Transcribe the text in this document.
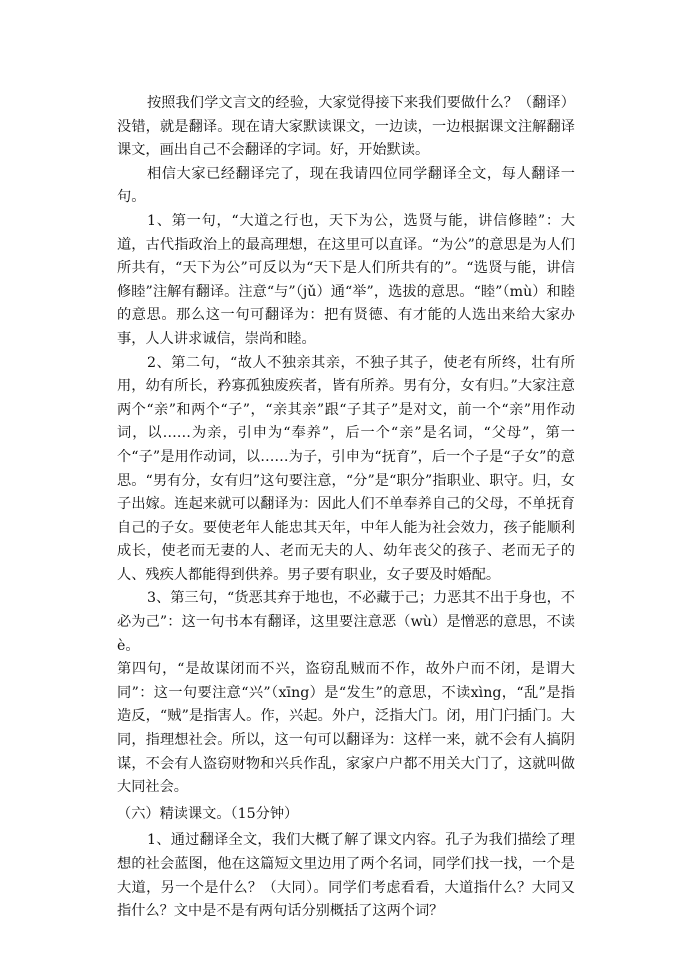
按照我们学文言文的经验，大家觉得接下来我们要做什么？（翻译）没错，就是翻译。现在请大家默读课文，一边读，一边根据课文注解翻译课文，画出自己不会翻译的字词。好，开始默读。

相信大家已经翻译完了，现在我请四位同学翻译全文，每人翻译一句。

1、第一句，“大道之行也，天下为公，选贤与能，讲信修睦”：大道，古代指政治上的最高理想，在这里可以直译。“为公”的意思是为人们所共有，“天下为公”可反以为“天下是人们所共有的”。“选贤与能，讲信修睦”注解有翻译。注意“与”（jǔ）通“举”，选拔的意思。“睦”（mù）和睦的意思。那么这一句可翻译为：把有贤德、有才能的人选出来给大家办事，人人讲求诚信，崇尚和睦。

2、第二句，“故人不独亲其亲，不独子其子，使老有所终，壮有所用，幼有所长，矜寡孤独废疾者，皆有所养。男有分，女有归。”大家注意两个“亲”和两个“子”，“亲其亲”跟“子其子”是对文，前一个“亲”用作动词，以……为亲，引申为“奉养”，后一个“亲”是名词，“父母”，第一个“子”是用作动词，以……为子，引申为“抚育”，后一个子是“子女”的意思。“男有分，女有归”这句要注意，“分”是“职分”指职业、职守。归，女子出嫁。连起来就可以翻译为：因此人们不单奉养自己的父母，不单抚育自己的子女。要使老年人能忠其天年，中年人能为社会效力，孩子能顺利成长，使老而无妻的人、老而无夫的人、幼年丧父的孩子、老而无子的人、残疾人都能得到供养。男子要有职业，女子要及时婚配。

3、第三句，“货恶其弃于地也，不必藏于己；力恶其不出于身也，不必为己”：这一句书本有翻译，这里要注意恶（wù）是憎恶的意思，不读è。

第四句，“是故谋闭而不兴，盗窃乱贼而不作，故外户而不闭，是谓大同”：这一句要注意“兴”（xīng）是“发生”的意思，不读xìng，“乱”是指造反，“贼”是指害人。作，兴起。外户，泛指大门。闭，用门闩插门。大同，指理想社会。所以，这一句可以翻译为：这样一来，就不会有人搞阴谋，不会有人盗窃财物和兴兵作乱，家家户户都不用关大门了，这就叫做大同社会。

（六）精读课文。（15分钟）

1、通过翻译全文，我们大概了解了课文内容。孔子为我们描绘了理想的社会蓝图，他在这篇短文里边用了两个名词，同学们找一找，一个是大道，另一个是什么？（大同）。同学们考虑看看，大道指什么？大同又指什么？文中是不是有两句话分别概括了这两个词？
